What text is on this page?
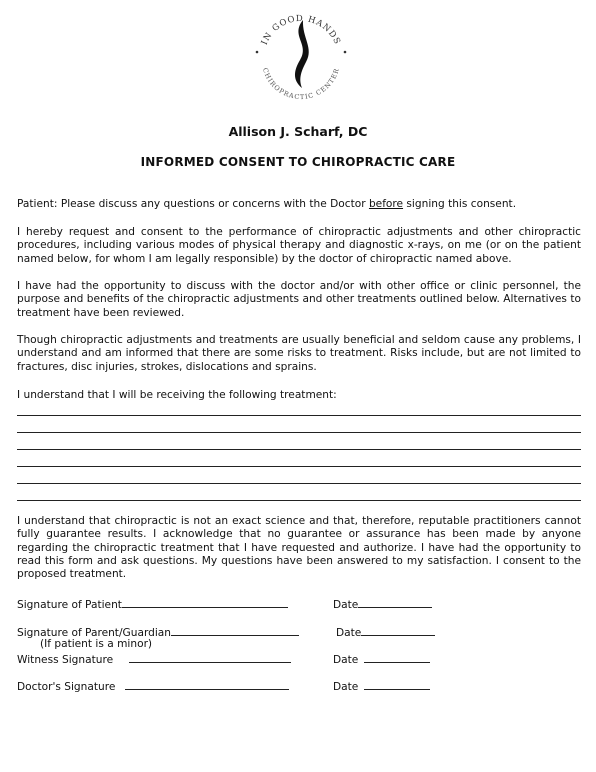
IN GOOD HANDS
CHIROPRACTIC CENTER
Allison J. Scharf, DC
INFORMED CONSENT TO CHIROPRACTIC CARE
Patient: Please discuss any questions or concerns with the Doctor before signing this consent.
I hereby request and consent to the performance of chiropractic adjustments and other chiropractic procedures, including various modes of physical therapy and diagnostic x-rays, on me (or on the patient named below, for whom I am legally responsible) by the doctor of chiropractic named above.
I have had the opportunity to discuss with the doctor and/or with other office or clinic personnel, the purpose and benefits of the chiropractic adjustments and other treatments outlined below. Alternatives to treatment have been reviewed.
Though chiropractic adjustments and treatments are usually beneficial and seldom cause any problems, I understand and am informed that there are some risks to treatment. Risks include, but are not limited to fractures, disc injuries, strokes, dislocations and sprains.
I understand that I will be receiving the following treatment:
I understand that chiropractic is not an exact science and that, therefore, reputable practitioners cannot fully guarantee results. I acknowledge that no guarantee or assurance has been made by anyone regarding the chiropractic treatment that I have requested and authorize. I have had the opportunity to read this form and ask questions. My questions have been answered to my satisfaction. I consent to the proposed treatment.
Signature of Patient	Date
Signature of Parent/Guardian	Date
(If patient is a minor)
Witness Signature	Date
Doctor's Signature	Date
